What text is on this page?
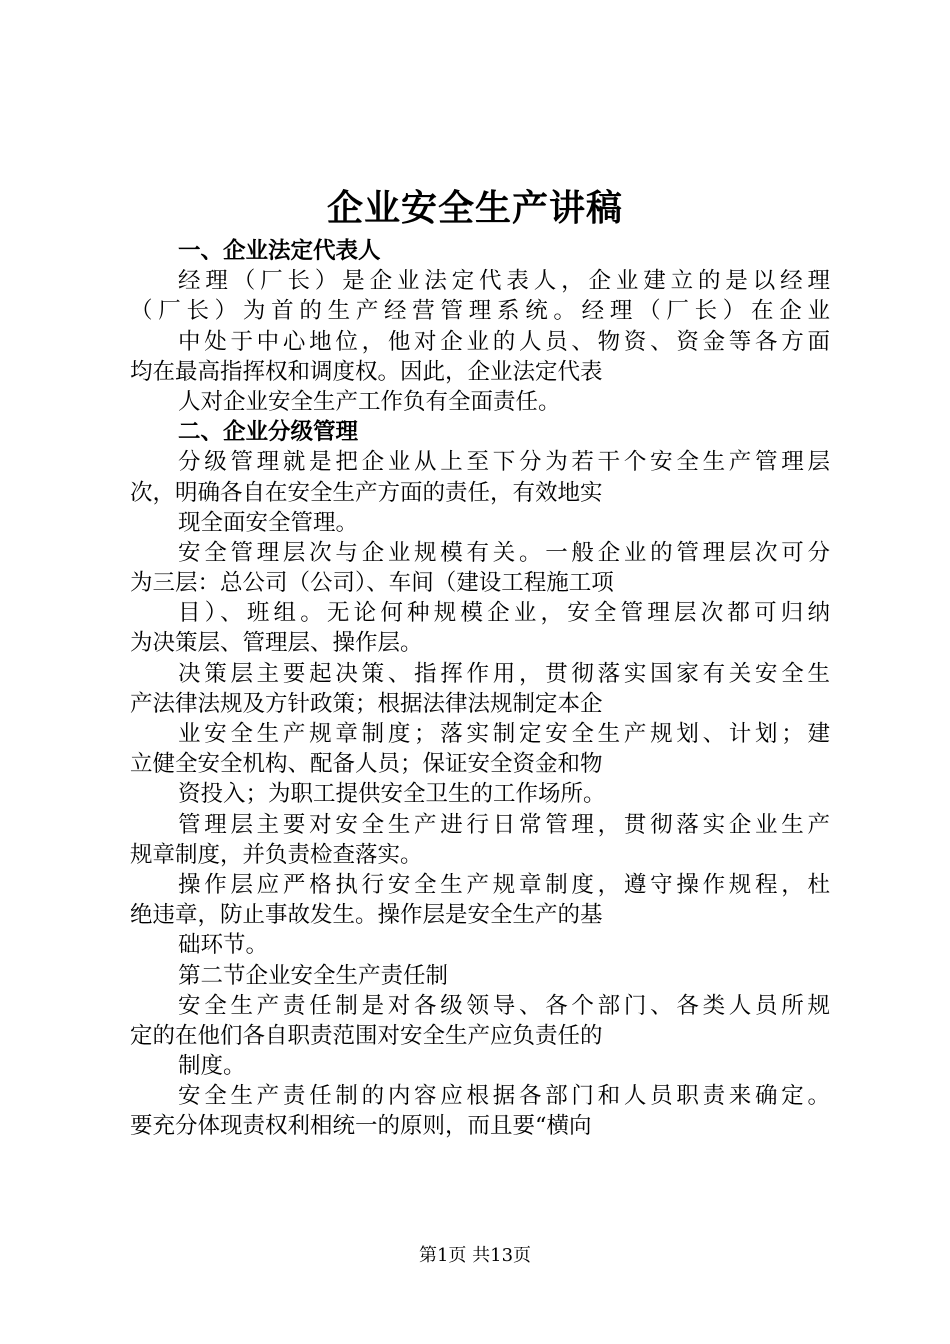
企业安全生产讲稿
一、企业法定代表人
经理（厂长）是企业法定代表人，企业建立的是以经理
（厂长）为首的生产经营管理系统。经理（厂长）在企业
中处于中心地位，他对企业的人员、物资、资金等各方面
均在最高指挥权和调度权。因此，企业法定代表
人对企业安全生产工作负有全面责任。
二、企业分级管理
分级管理就是把企业从上至下分为若干个安全生产管理层
次，明确各自在安全生产方面的责任，有效地实
现全面安全管理。
安全管理层次与企业规模有关。一般企业的管理层次可分
为三层：总公司（公司）、车间（建设工程施工项
目）、班组。无论何种规模企业，安全管理层次都可归纳
为决策层、管理层、操作层。
决策层主要起决策、指挥作用，贯彻落实国家有关安全生
产法律法规及方针政策；根据法律法规制定本企
业安全生产规章制度；落实制定安全生产规划、计划；建
立健全安全机构、配备人员；保证安全资金和物
资投入；为职工提供安全卫生的工作场所。
管理层主要对安全生产进行日常管理，贯彻落实企业生产
规章制度，并负责检查落实。
操作层应严格执行安全生产规章制度，遵守操作规程，杜
绝违章，防止事故发生。操作层是安全生产的基
础环节。
第二节企业安全生产责任制
安全生产责任制是对各级领导、各个部门、各类人员所规
定的在他们各自职责范围对安全生产应负责任的
制度。
安全生产责任制的内容应根据各部门和人员职责来确定。
要充分体现责权利相统一的原则，而且要“横向
第1页 共13页
